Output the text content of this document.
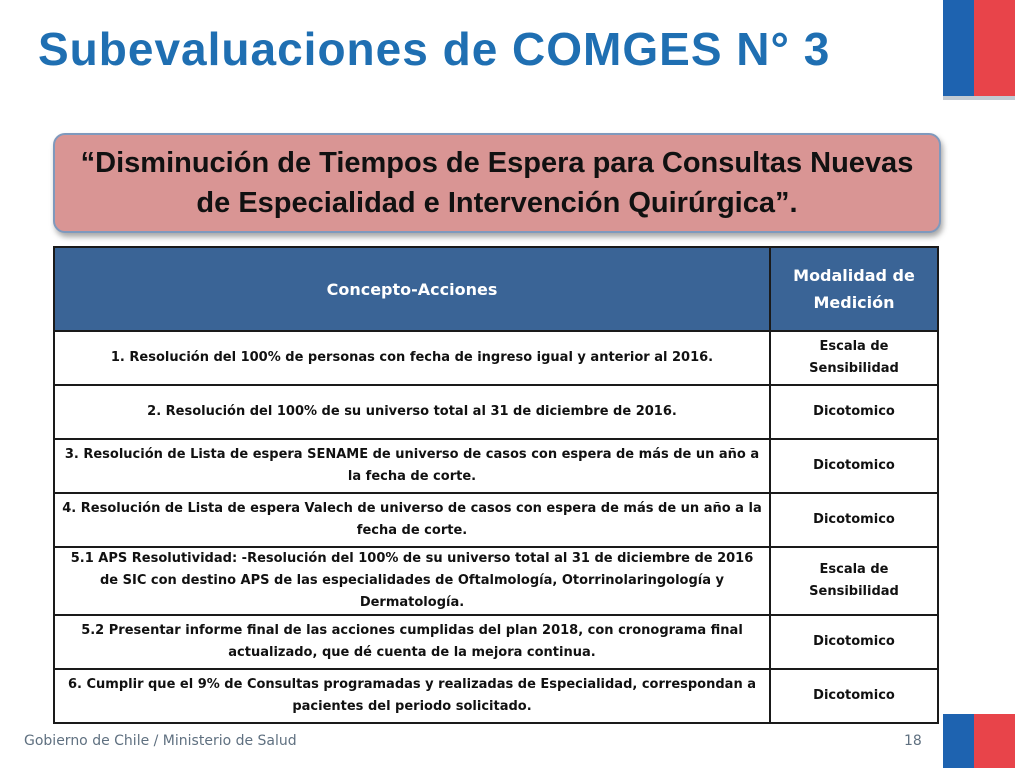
Subevaluaciones de COMGES N° 3
“Disminución de Tiempos de Espera para Consultas Nuevas de Especialidad e Intervención Quirúrgica”.
Concepto-Acciones	Modalidad de Medición
1. Resolución del 100% de personas con fecha de ingreso igual y anterior al 2016.	Escala de Sensibilidad
2. Resolución del 100% de su universo total al 31 de diciembre de 2016.	Dicotomico
3. Resolución de Lista de espera SENAME de universo de casos con espera de más de un año a la fecha de corte.	Dicotomico
4. Resolución de Lista de espera Valech de universo de casos con espera de más de un año a la fecha de corte.	Dicotomico
5.1 APS Resolutividad: -Resolución del 100% de su universo total al 31 de diciembre de 2016 de SIC con destino APS de las especialidades de Oftalmología, Otorrinolaringología y Dermatología.	Escala de Sensibilidad
5.2 Presentar informe final de las acciones cumplidas del plan 2018, con cronograma final actualizado, que dé cuenta de la mejora continua.	Dicotomico
6. Cumplir que el 9% de Consultas programadas y realizadas de Especialidad, correspondan a pacientes del periodo solicitado.	Dicotomico
Gobierno de Chile / Ministerio de Salud	18
